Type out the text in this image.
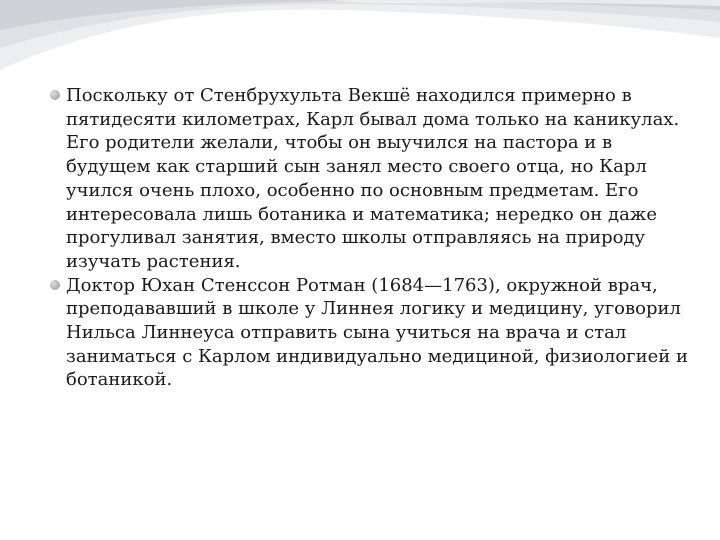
Поскольку от Стенбрухульта Векшё находился примерно в пятидесяти километрах, Карл бывал дома только на каникулах. Его родители желали, чтобы он выучился на пастора и в будущем как старший сын занял место своего отца, но Карл учился очень плохо, особенно по основным предметам. Его интересовала лишь ботаника и математика; нередко он даже прогуливал занятия, вместо школы отправляясь на природу изучать растения.
Доктор Юхан Стенссон Ротман (1684—1763), окружной врач, преподававший в школе у Линнея логику и медицину, уговорил Нильса Линнеуса отправить сына учиться на врача и стал заниматься с Карлом индивидуально медициной, физиологией и ботаникой.
